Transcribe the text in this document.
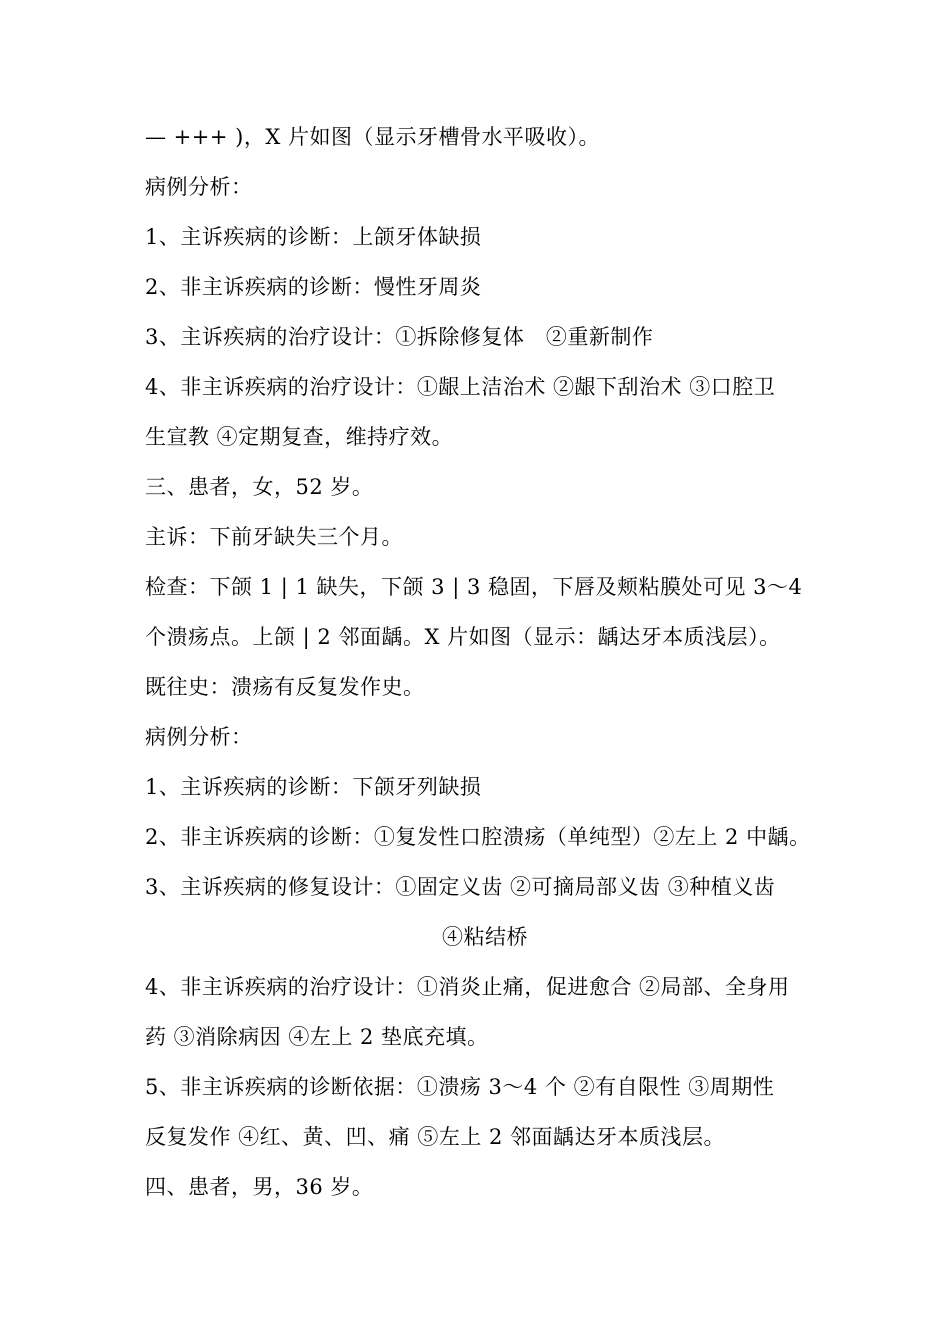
— +++ )，X 片如图（显示牙槽骨水平吸收）。
病例分析：
1、主诉疾病的诊断：上颌牙体缺损
2、非主诉疾病的诊断：慢性牙周炎
3、主诉疾病的治疗设计：①拆除修复体　②重新制作
4、非主诉疾病的治疗设计：①龈上洁治术 ②龈下刮治术 ③口腔卫
生宣教 ④定期复查，维持疗效。
三、患者，女，52 岁。
主诉：下前牙缺失三个月。
检查：下颌 1 | 1 缺失，下颌 3 | 3 稳固，下唇及颊粘膜处可见 3～4
个溃疡点。上颌 | 2 邻面龋。X 片如图（显示：龋达牙本质浅层）。
既往史：溃疡有反复发作史。
病例分析：
1、主诉疾病的诊断：下颌牙列缺损
2、非主诉疾病的诊断：①复发性口腔溃疡（单纯型）②左上 2 中龋。
3、主诉疾病的修复设计：①固定义齿 ②可摘局部义齿 ③种植义齿
④粘结桥
4、非主诉疾病的治疗设计：①消炎止痛，促进愈合 ②局部、全身用
药 ③消除病因 ④左上 2 垫底充填。
5、非主诉疾病的诊断依据：①溃疡 3～4 个 ②有自限性 ③周期性
反复发作 ④红、黄、凹、痛 ⑤左上 2 邻面龋达牙本质浅层。
四、患者，男，36 岁。
